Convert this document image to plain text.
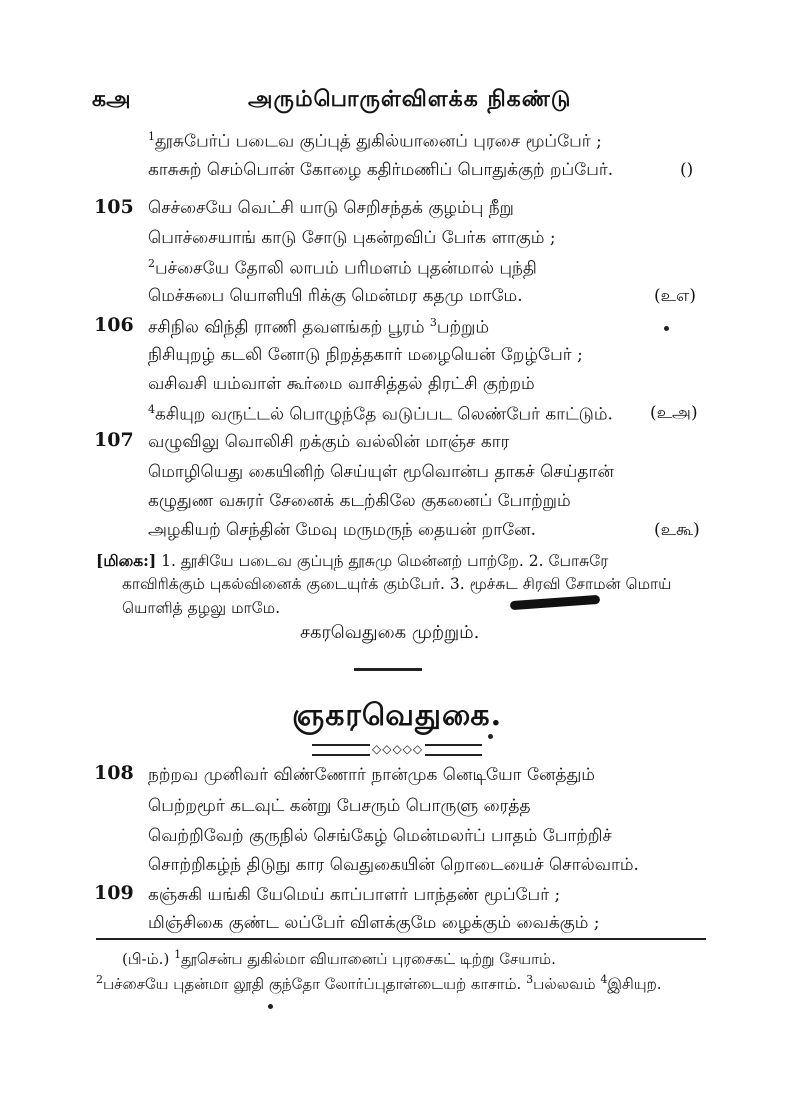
கஅ	அரும்பொருள்விளக்க நிகண்டு
$^1$தூசுபேர்ப் படைவ குப்புத் துகில்யானைப் புரசை மூப்பேர் ;
காசுசுற் செம்பொன் கோழை கதிர்மணிப் பொதுக்குற் றப்பேர்.	()
105 செச்சையே வெட்சி யாடு செறிசந்தக் குழம்பு நீறு
பொச்சையாங் காடு சோடு புகன்றவிப் பேர்க ளாகும் ;
$^2$பச்சையே தோலி லாபம் பரிமளம் புதன்மால் புந்தி
மெச்சுபை யொளியி ரிக்கு மென்மர கதமு மாமே.	(உஎ)
106 சசிநில விந்தி ராணி தவளங்கற் பூரம் $^3$பற்றும்
நிசியுறழ் கடலி னோடு நிறத்தகார் மழையென் றேழ்பேர் ;
வசிவசி யம்வாள் கூர்மை வாசித்தல் திரட்சி குற்றம்
$^4$கசியுற வருட்டல் பொழுந்தே வடுப்பட லெண்பேர் காட்டும். (உஅ)
107 வழுவிலு வொலிசி றக்கும் வல்லின் மாஞ்ச கார
மொழியெது கையினிற் செய்யுள் மூவொன்ப தாகச் செய்தான்
கழுதுண வசுரர் சேனைக் கடற்கிலே குகனைப் போற்றும்
அழகியற் செந்தின் மேவு மருமருந் தையன் றானே.	(உகூ)
[மிகை:] 1. தூசியே படைவ குப்புந் தூசுமு மென்னற் பாற்றே. 2. போசுரே
காவிரிக்கும் புகல்வினைக் குடையுர்க் கும்பேர். 3. மூச்சுட சிரவி சோமன் மொய்
யொளித் தழலு மாமே.
சகரவெதுகை முற்றும்.
ஞகரவெதுகை.
◇◇◇◇◇
108 நற்றவ முனிவர் விண்ணோர் நான்முக னெடியோ னேத்தும்
பெற்றமூர் கடவுட் கன்று பேசரும் பொருளு ரைத்த
வெற்றிவேற் குருநில் செங்கேழ் மென்மலர்ப் பாதம் போற்றிச்
சொற்றிகழ்ந் திடுநு கார வெதுகையின் றொடையைச் சொல்வாம்.
109 கஞ்சுகி யங்கி யேமெய் காப்பாளர் பாந்தண் மூப்பேர் ;
மிஞ்சிகை குண்ட லப்பேர் விளக்குமே ழைக்கும் வைக்கும் ;
(பி-ம்.) $^1$தூசென்ப துகில்மா வியானைப் புரசைகட் டிற்று சேயாம்.
$^2$பச்சையே புதன்மா லூதி குந்தோ லோர்ப்புதாள்டையற் காசாம். $^3$பல்லவம் $^4$இசியுற.
